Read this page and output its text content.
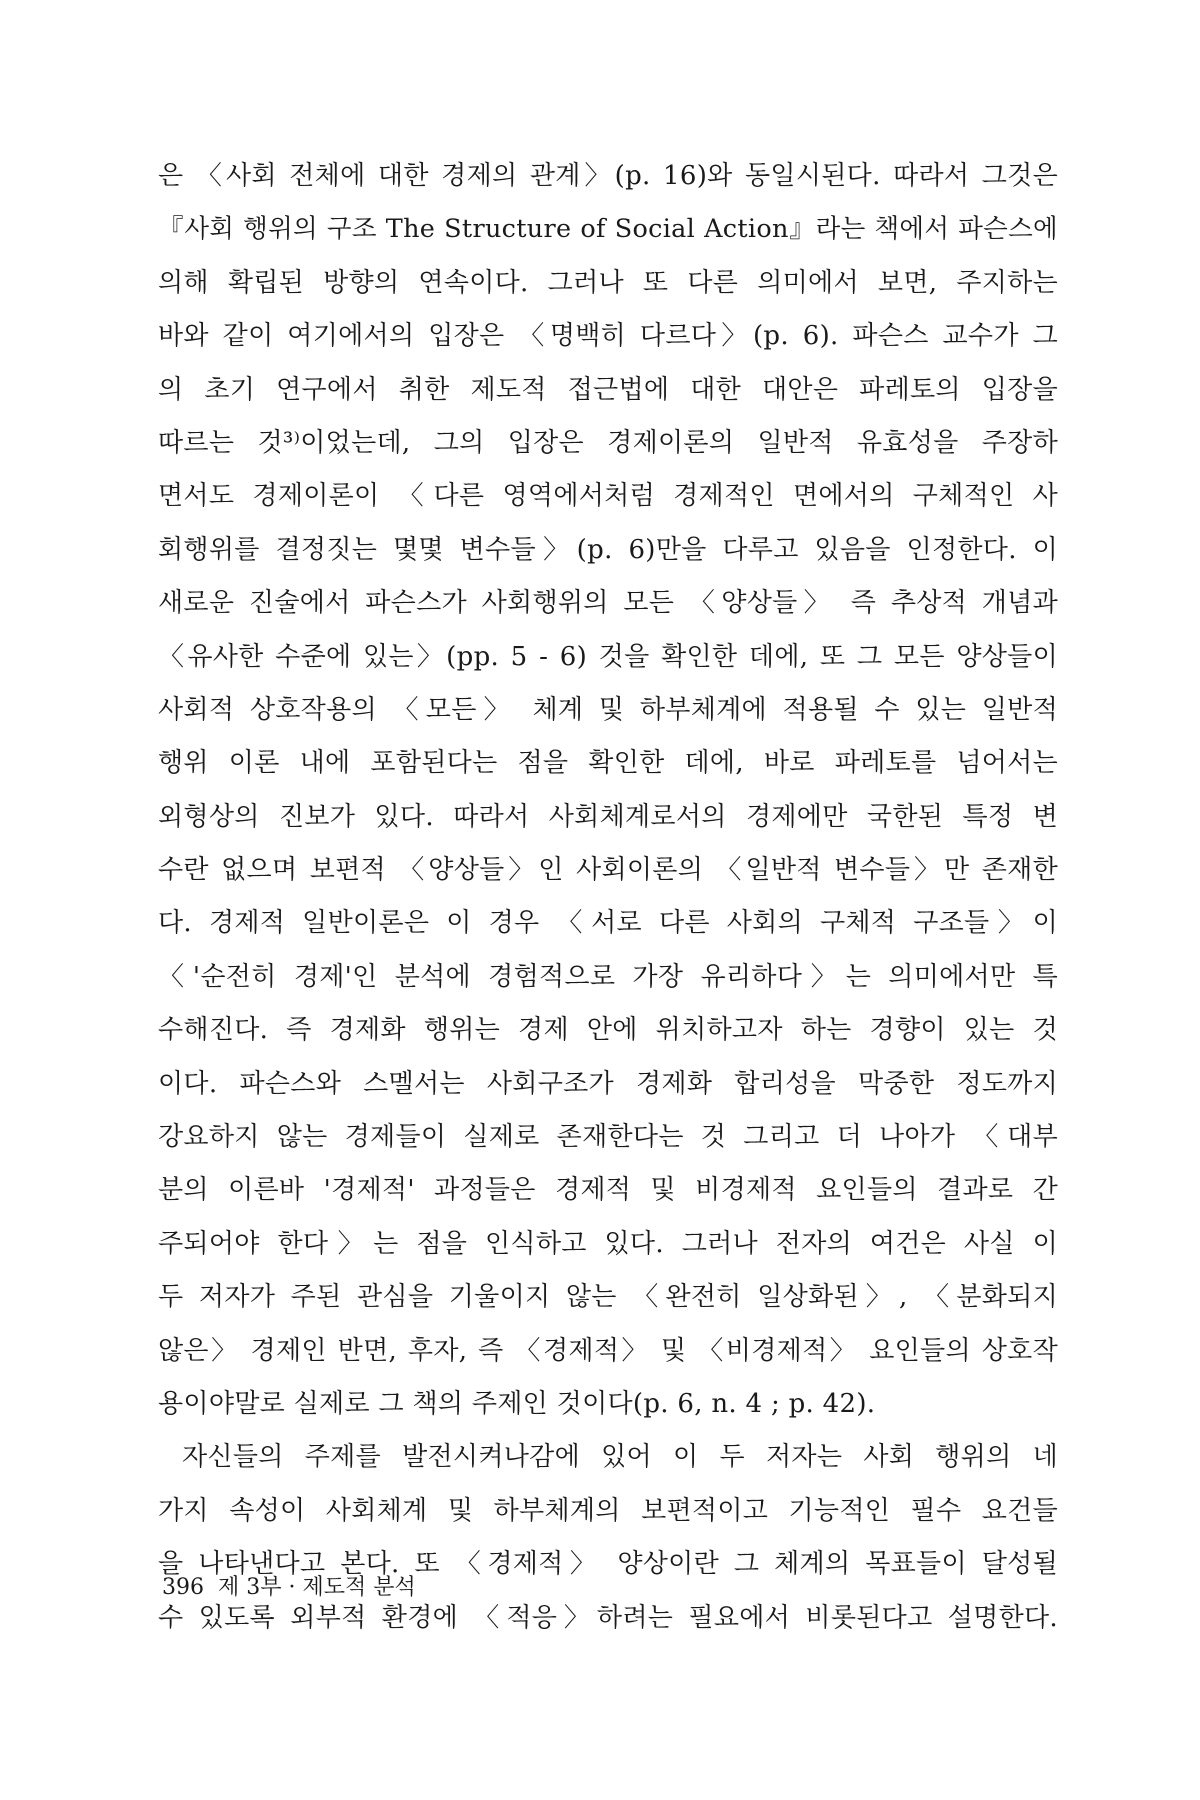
은 〈사회 전체에 대한 경제의 관계〉(p. 16)와 동일시된다. 따라서 그것은
『사회 행위의 구조 The Structure of Social Action』라는 책에서 파슨스에
의해 확립된 방향의 연속이다. 그러나 또 다른 의미에서 보면, 주지하는
바와 같이 여기에서의 입장은 〈명백히 다르다〉(p. 6). 파슨스 교수가 그
의 초기 연구에서 취한 제도적 접근법에 대한 대안은 파레토의 입장을
따르는 것³⁾이었는데, 그의 입장은 경제이론의 일반적 유효성을 주장하
면서도 경제이론이 〈다른 영역에서처럼 경제적인 면에서의 구체적인 사
회행위를 결정짓는 몇몇 변수들〉(p. 6)만을 다루고 있음을 인정한다. 이
새로운 진술에서 파슨스가 사회행위의 모든 〈양상들〉 즉 추상적 개념과
〈유사한 수준에 있는〉(pp. 5 - 6) 것을 확인한 데에, 또 그 모든 양상들이
사회적 상호작용의 〈모든〉 체계 및 하부체계에 적용될 수 있는 일반적
행위 이론 내에 포함된다는 점을 확인한 데에, 바로 파레토를 넘어서는
외형상의 진보가 있다. 따라서 사회체계로서의 경제에만 국한된 특정 변
수란 없으며 보편적 〈양상들〉인 사회이론의 〈일반적 변수들〉만 존재한
다. 경제적 일반이론은 이 경우 〈서로 다른 사회의 구체적 구조들〉이
〈'순전히 경제'인 분석에 경험적으로 가장 유리하다〉는 의미에서만 특
수해진다. 즉 경제화 행위는 경제 안에 위치하고자 하는 경향이 있는 것
이다. 파슨스와 스멜서는 사회구조가 경제화 합리성을 막중한 정도까지
강요하지 않는 경제들이 실제로 존재한다는 것 그리고 더 나아가 〈대부
분의 이른바 '경제적' 과정들은 경제적 및 비경제적 요인들의 결과로 간
주되어야 한다〉는 점을 인식하고 있다. 그러나 전자의 여건은 사실 이
두 저자가 주된 관심을 기울이지 않는 〈완전히 일상화된〉, 〈분화되지
않은〉 경제인 반면, 후자, 즉 〈경제적〉 및 〈비경제적〉 요인들의 상호작
용이야말로 실제로 그 책의 주제인 것이다(p. 6, n. 4 ; p. 42).
자신들의 주제를 발전시켜나감에 있어 이 두 저자는 사회 행위의 네
가지 속성이 사회체계 및 하부체계의 보편적이고 기능적인 필수 요건들
을 나타낸다고 본다. 또 〈경제적〉 양상이란 그 체계의 목표들이 달성될
수 있도록 외부적 환경에 〈적응〉하려는 필요에서 비롯된다고 설명한다.
396 제 3부 · 제도적 분석
